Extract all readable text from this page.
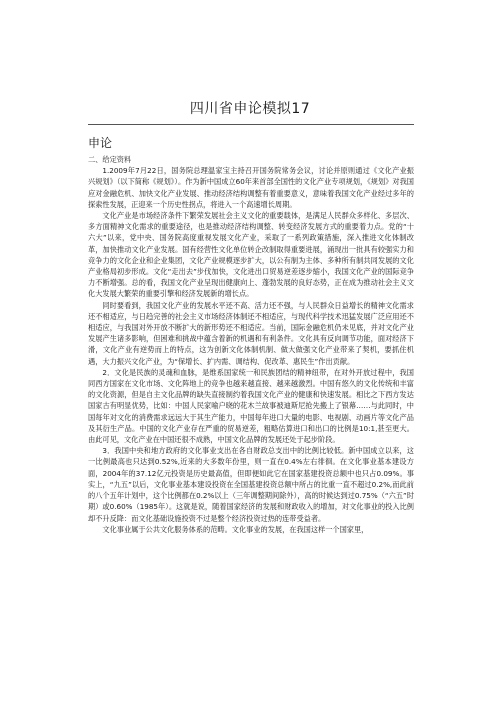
四川省申论模拟17
申论

二、给定资料

1.2009年7月22日，国务院总理温家宝主持召开国务院常务会议，讨论并原则通过《文化产业振兴规划》（以下简称《规划》）。作为新中国成立60年来首部全国性的文化产业专项规划，《规划》对我国应对金融危机、加快文化产业发展、推动经济结构调整有着重要意义，意味着我国文化产业经过多年的探索性发展，正迎来一个历史性拐点，将进入一个高速增长周期。

文化产业是市场经济条件下繁荣发展社会主义文化的重要载体，是满足人民群众多样化、多层次、多方面精神文化需求的重要途径，也是推动经济结构调整、转变经济发展方式的重要着力点。党的“十六大”以来，党中央、国务院高度重视发展文化产业，采取了一系列政策措施，深入推进文化体制改革，加快推动文化产业发展。国有经营性文化单位转企改制取得重要进展，涌现出一批具有较强实力和竞争力的文化企业和企业集团，文化产业规模逐步扩大，以公有制为主体、多种所有制共同发展的文化产业格局初步形成。文化“走出去”步伐加快，文化进出口贸易逆差逐步缩小，我国文化产业的国际竞争力不断增强。总的看，我国文化产业呈现出健康向上、蓬勃发展的良好态势，正在成为推动社会主义文化大发展大繁荣的重要引擎和经济发展新的增长点。

同时要看到，我国文化产业的发展水平还不高、活力还不强，与人民群众日益增长的精神文化需求还不相适应，与日趋完善的社会主义市场经济体制还不相适应，与现代科学技术迅猛发展广泛应用还不相适应，与我国对外开放不断扩大的新形势还不相适应。当前，国际金融危机仍未见底，并对文化产业发展产生诸多影响，但困难和挑战中蕴含着新的机遇和有利条件。文化具有反向调节功能，面对经济下滑，文化产业有逆势而上的特点，这为创新文化体制机制、做大做强文化产业带来了契机，要抓住机遇，大力振兴文化产业，为“保增长、扩内需、调结构、促改革、惠民生”作出贡献。

2．文化是民族的灵魂和血脉，是维系国家统一和民族团结的精神纽带，在对外开放过程中，我国同西方国家在文化市场、文化阵地上的竞争也越来越直接、越来越激烈。中国有悠久的文化传统和丰富的文化资源，但是自主文化品牌的缺失直接制约着我国文化产业的健康和快速发展。相比之下西方发达国家古有明显优势，比如：中国人民家喻户晓的花木兰故事被迪斯尼抢先搬上了银幕……与此同时，中国每年对文化的消费需求远远大于其生产能力，中国每年进口大量的电影、电视剧、动画片等文化产品及其衍生产品。中国的文化产业存在严重的贸易逆差，粗略估算进口和出口的比例是10:1,甚至更大。由此可见，文化产业在中国还很不成熟，中国文化品牌的发展还处于起步阶段。

3．我国中央和地方政府的文化事业支出在各自财政总支出中的比例比较低。新中国成立以来，这一比例最高也只达到0.52%,近来的大多数年份里，则一直在0.4%左右徘徊。在文化事业基本建设方面，2004年的37.12亿元投资是历史最高值，但即便如此它在国家基建投资总额中也只占0.09%。事实上，“九五”以后，文化事业基本建设投资在全国基建投资总额中所占的比重一直不超过0.2%,而此前的八个五年计划中，这个比例都在0.2%以上（三年调整期间除外），高的时候达到过0.75%（“六五”时期）或0.60%（1985年）。这就是说，随着国家经济的发展和财政收入的增加，对文化事业的投入比例却不升反降：而文化基础设施投资不过是整个经济投资过热的连带受益者。

文化事业属于公共文化服务体系的范畴。文化事业的发展，在我国这样一个国家里，
